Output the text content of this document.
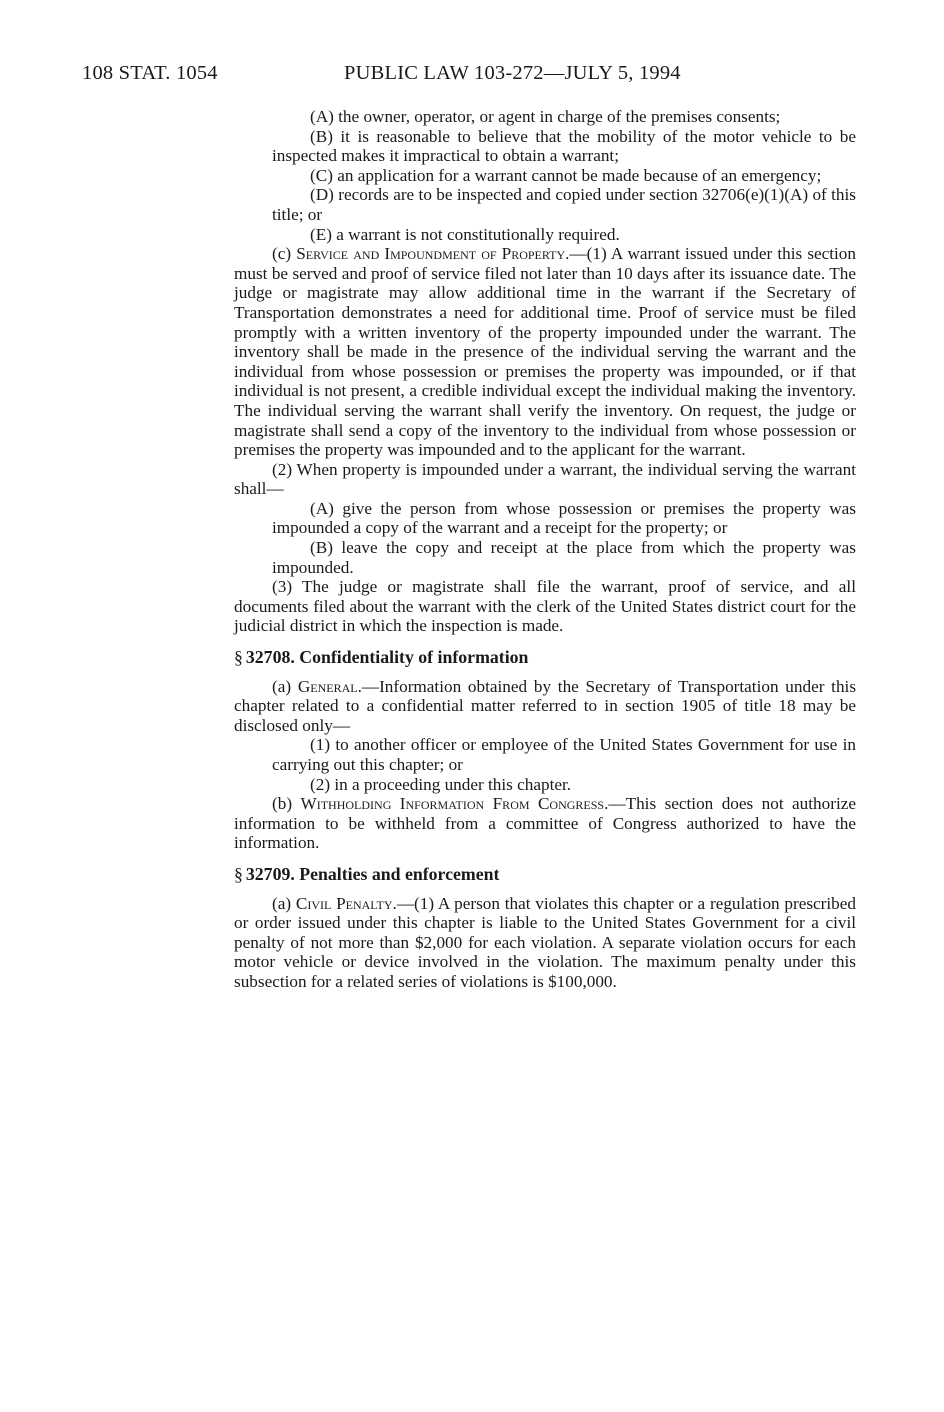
108 STAT. 1054	PUBLIC LAW 103-272—JULY 5, 1994

(A) the owner, operator, or agent in charge of the premises consents;

(B) it is reasonable to believe that the mobility of the motor vehicle to be inspected makes it impractical to obtain a warrant;

(C) an application for a warrant cannot be made because of an emergency;

(D) records are to be inspected and copied under section 32706(e)(1)(A) of this title; or

(E) a warrant is not constitutionally required.

(c) Service and Impoundment of Property.—(1) A warrant issued under this section must be served and proof of service filed not later than 10 days after its issuance date. The judge or magistrate may allow additional time in the warrant if the Secretary of Transportation demonstrates a need for additional time. Proof of service must be filed promptly with a written inventory of the property impounded under the warrant. The inventory shall be made in the presence of the individual serving the warrant and the individual from whose possession or premises the property was impounded, or if that individual is not present, a credible individual except the individual making the inventory. The individual serving the warrant shall verify the inventory. On request, the judge or magistrate shall send a copy of the inventory to the individual from whose possession or premises the property was impounded and to the applicant for the warrant.

(2) When property is impounded under a warrant, the individual serving the warrant shall—

(A) give the person from whose possession or premises the property was impounded a copy of the warrant and a receipt for the property; or

(B) leave the copy and receipt at the place from which the property was impounded.

(3) The judge or magistrate shall file the warrant, proof of service, and all documents filed about the warrant with the clerk of the United States district court for the judicial district in which the inspection is made.

§ 32708. Confidentiality of information

(a) General.—Information obtained by the Secretary of Transportation under this chapter related to a confidential matter referred to in section 1905 of title 18 may be disclosed only—

(1) to another officer or employee of the United States Government for use in carrying out this chapter; or

(2) in a proceeding under this chapter.

(b) Withholding Information From Congress.—This section does not authorize information to be withheld from a committee of Congress authorized to have the information.

§ 32709. Penalties and enforcement

(a) Civil Penalty.—(1) A person that violates this chapter or a regulation prescribed or order issued under this chapter is liable to the United States Government for a civil penalty of not more than $2,000 for each violation. A separate violation occurs for each motor vehicle or device involved in the violation. The maximum penalty under this subsection for a related series of violations is $100,000.
